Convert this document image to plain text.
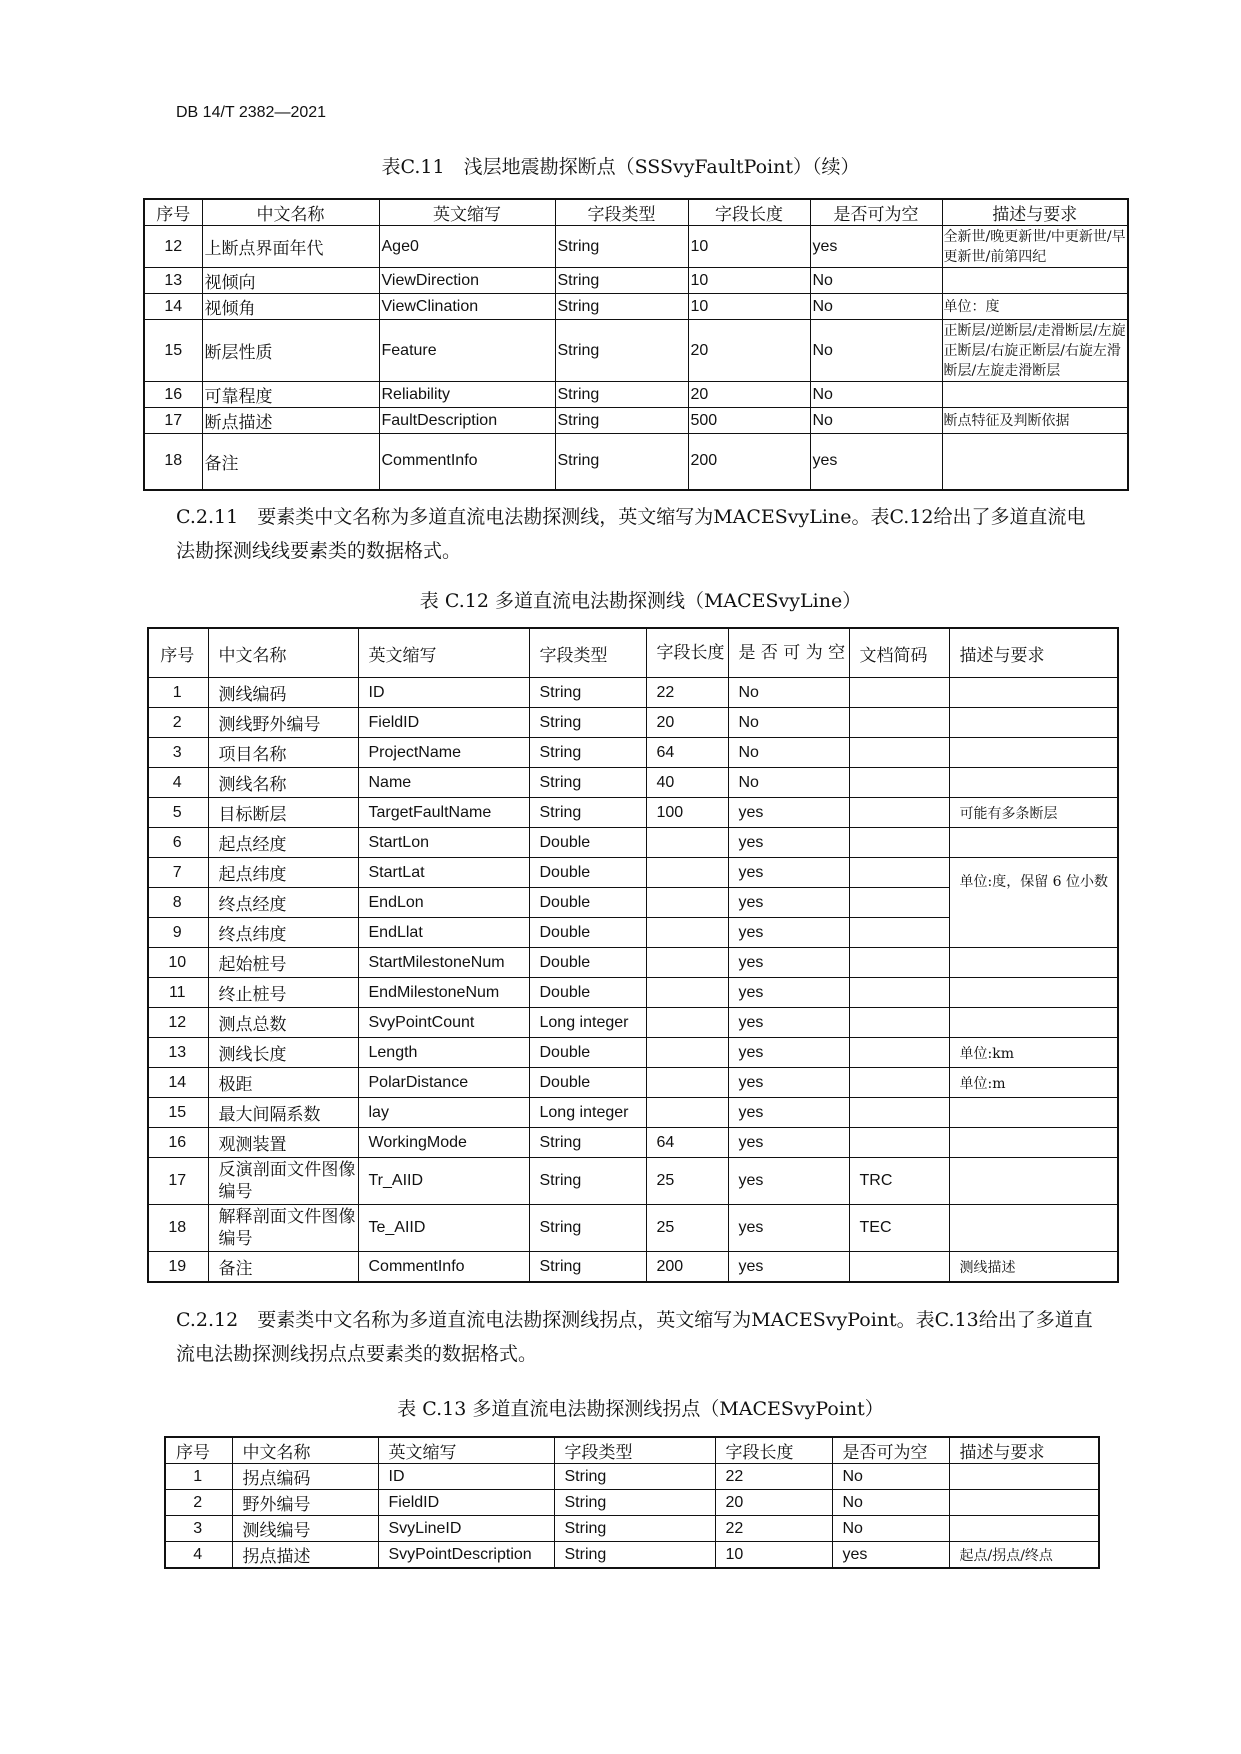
DB 14/T 2382—2021
表C.11　浅层地震勘探断点（SSSvyFaultPoint）（续）
序号	中文名称	英文缩写	字段类型	字段长度	是否可为空	描述与要求
12	上断点界面年代	Age0	String	10	yes	全新世/晚更新世/中更新世/早更新世/前第四纪
13	视倾向	ViewDirection	String	10	No	
14	视倾角	ViewClination	String	10	No	单位：度
15	断层性质	Feature	String	20	No	正断层/逆断层/走滑断层/左旋正断层/右旋正断层/右旋左滑断层/左旋走滑断层
16	可靠程度	Reliability	String	20	No	
17	断点描述	FaultDescription	String	500	No	断点特征及判断依据
18	备注	CommentInfo	String	200	yes	
C.2.11　要素类中文名称为多道直流电法勘探测线，英文缩写为MACESvyLine。表C.12给出了多道直流电法勘探测线线要素类的数据格式。
表 C.12 多道直流电法勘探测线（MACESvyLine）
序号	中文名称	英文缩写	字段类型	字段长度	是 否 可 为 空	文档简码	描述与要求
1	测线编码	ID	String	22	No		
2	测线野外编号	FieldID	String	20	No		
3	项目名称	ProjectName	String	64	No		
4	测线名称	Name	String	40	No		
5	目标断层	TargetFaultName	String	100	yes		可能有多条断层
6	起点经度	StartLon	Double		yes		
7	起点纬度	StartLat	Double		yes		单位:度，保留 6 位小数
8	终点经度	EndLon	Double		yes		
9	终点纬度	EndLlat	Double		yes		
10	起始桩号	StartMilestoneNum	Double		yes		
11	终止桩号	EndMilestoneNum	Double		yes		
12	测点总数	SvyPointCount	Long integer		yes		
13	测线长度	Length	Double		yes		单位:km
14	极距	PolarDistance	Double		yes		单位:m
15	最大间隔系数	lay	Long integer		yes		
16	观测装置	WorkingMode	String	64	yes		
17	反演剖面文件图像编号	Tr_AIID	String	25	yes	TRC	
18	解释剖面文件图像编号	Te_AIID	String	25	yes	TEC	
19	备注	CommentInfo	String	200	yes		测线描述
C.2.12　要素类中文名称为多道直流电法勘探测线拐点，英文缩写为MACESvyPoint。表C.13给出了多道直流电法勘探测线拐点点要素类的数据格式。
表 C.13 多道直流电法勘探测线拐点（MACESvyPoint）
序号	中文名称	英文缩写	字段类型	字段长度	是否可为空	描述与要求
1	拐点编码	ID	String	22	No	
2	野外编号	FieldID	String	20	No	
3	测线编号	SvyLineID	String	22	No	
4	拐点描述	SvyPointDescription	String	10	yes	起点/拐点/终点
